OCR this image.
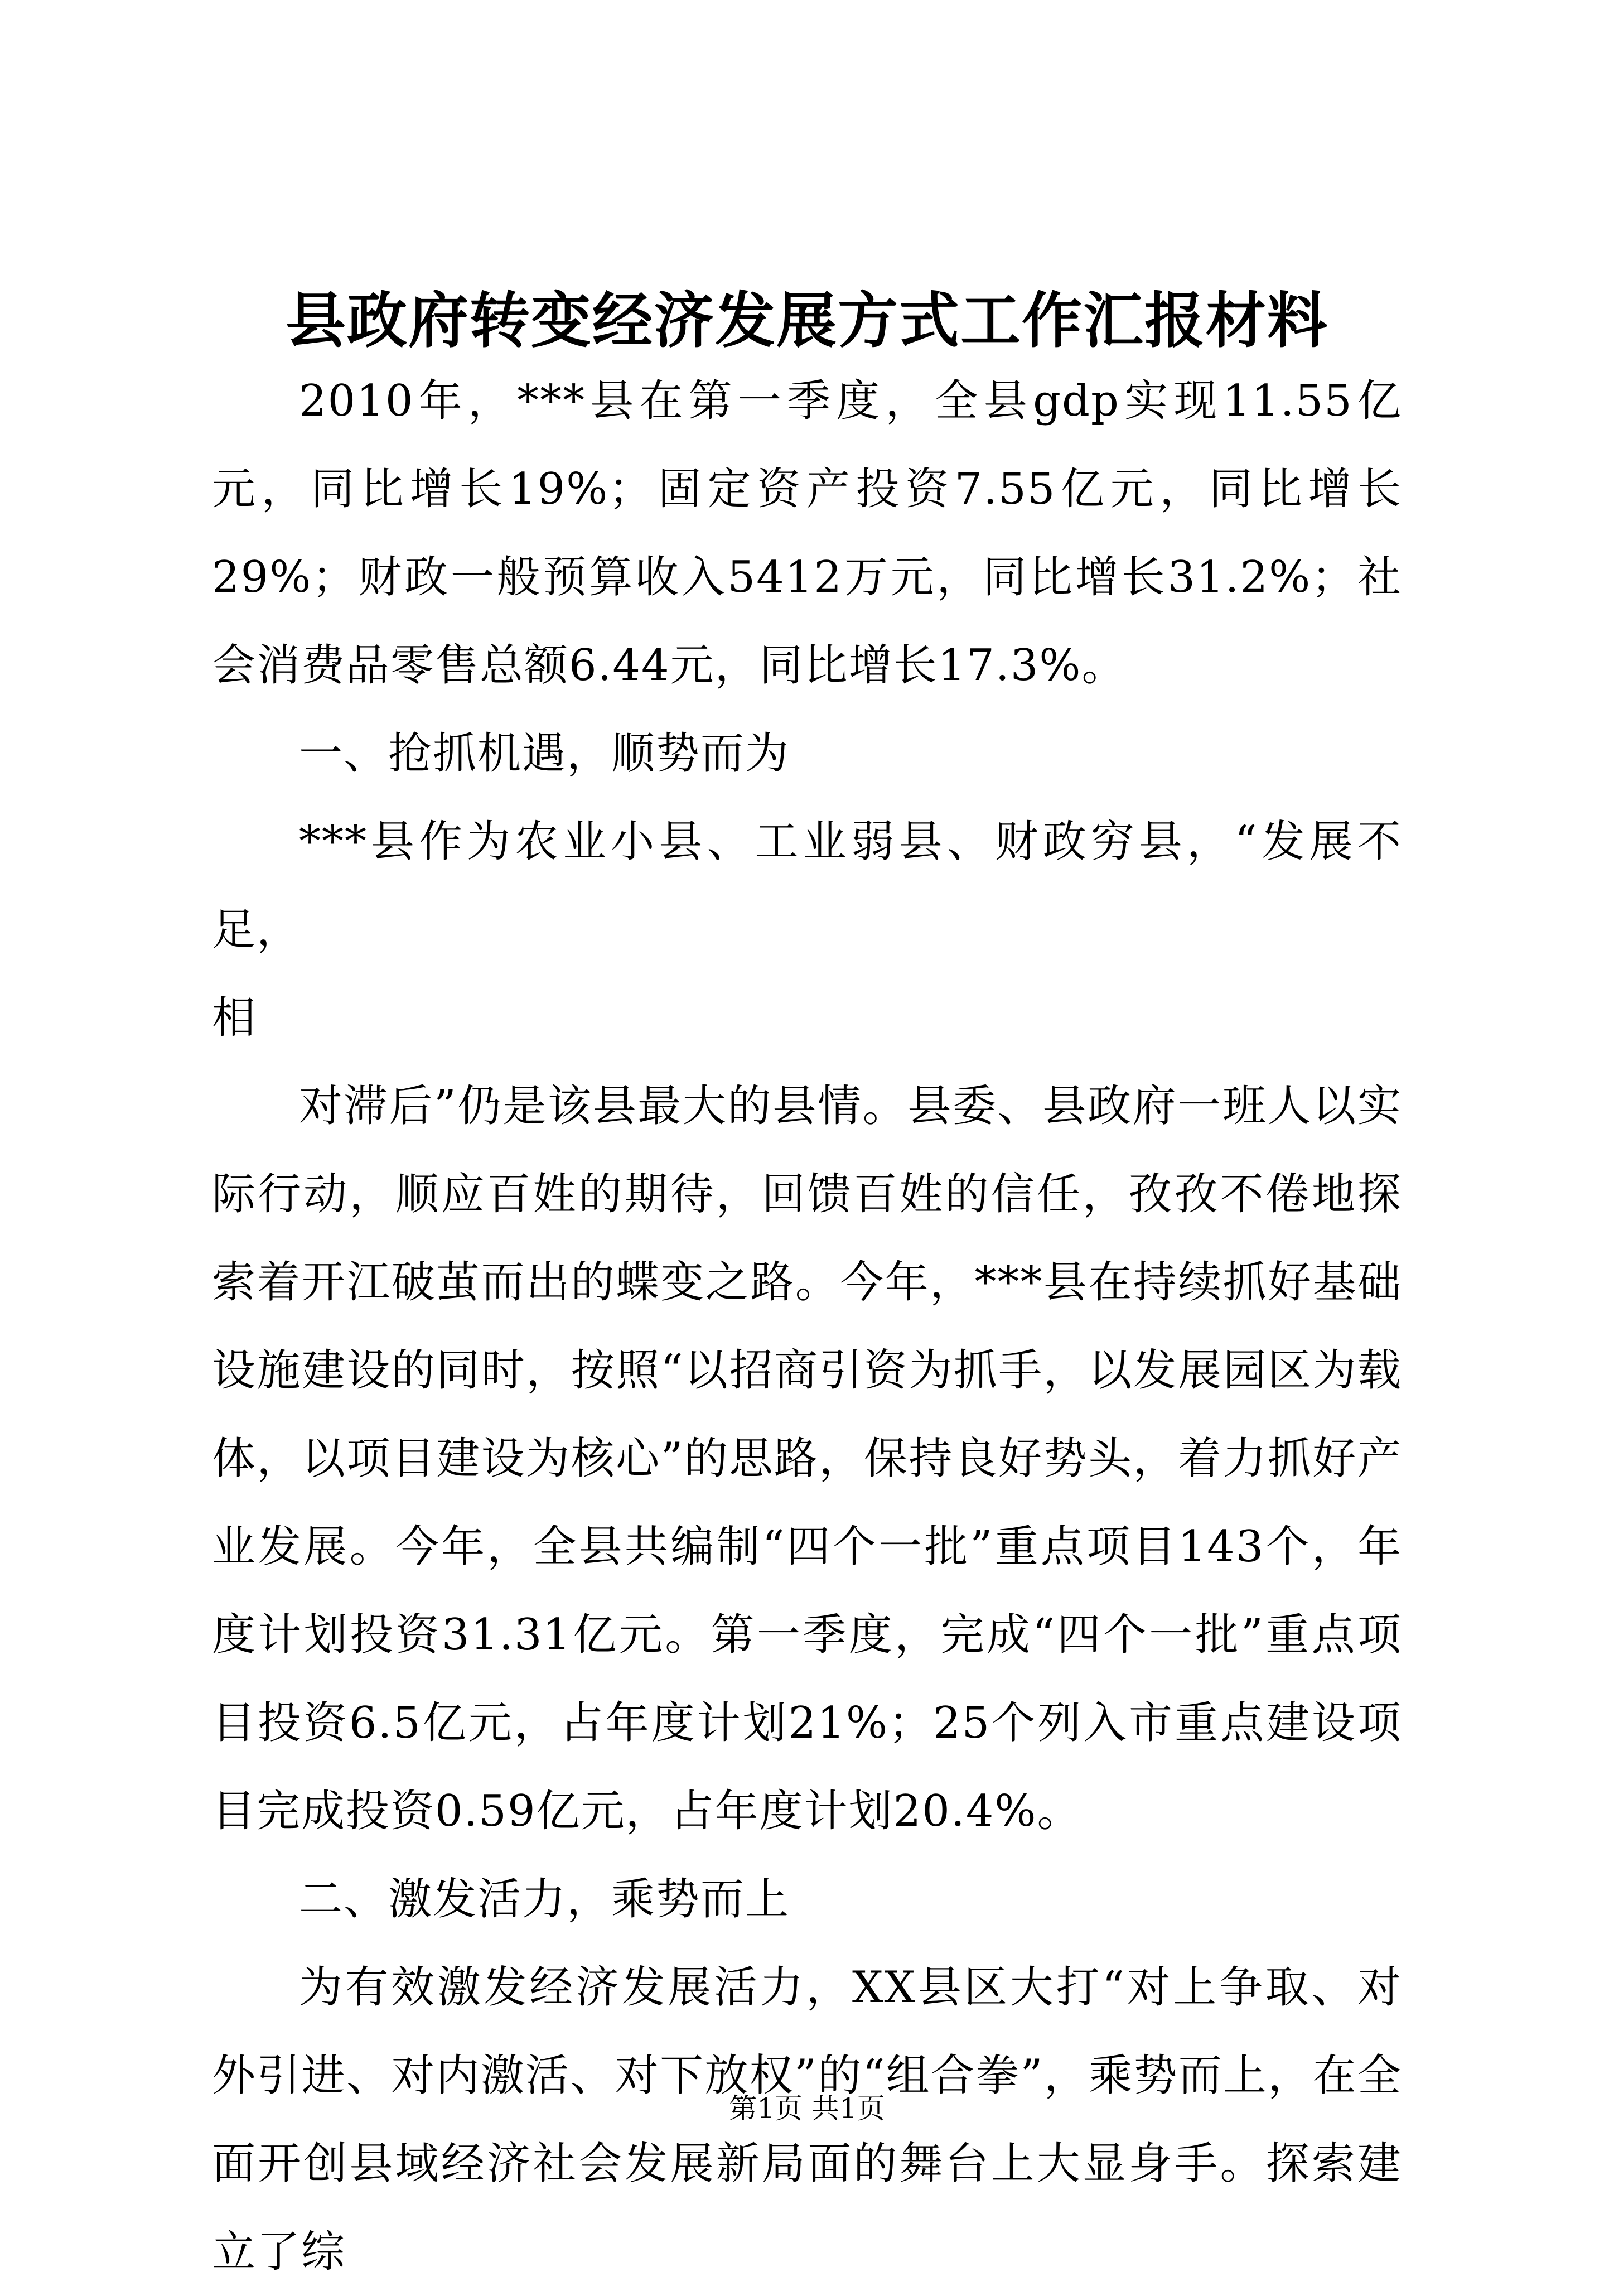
县政府转变经济发展方式工作汇报材料

2010年，***县在第一季度，全县gdp实现11.55亿元，同比增长19%；固定资产投资7.55亿元，同比增长29%；财政一般预算收入5412万元，同比增长31.2%；社会消费品零售总额6.44元，同比增长17.3%。

一、抢抓机遇，顺势而为

***县作为农业小县、工业弱县、财政穷县，“发展不足，

相

对滞后”仍是该县最大的县情。县委、县政府一班人以实际行动，顺应百姓的期待，回馈百姓的信任，孜孜不倦地探索着开江破茧而出的蝶变之路。今年，***县在持续抓好基础设施建设的同时，按照“以招商引资为抓手，以发展园区为载体，以项目建设为核心”的思路，保持良好势头，着力抓好产业发展。今年，全县共编制“四个一批”重点项目143个，年度计划投资31.31亿元。第一季度，完成“四个一批”重点项目投资6.5亿元，占年度计划21%；25个列入市重点建设项目完成投资0.59亿元，占年度计划20.4%。

二、激发活力，乘势而上

为有效激发经济发展活力，XX县区大打“对上争取、对外引进、对内激活、对下放权”的“组合拳”，乘势而上，在全面开创县域经济社会发展新局面的舞台上大显身手。探索建立了综

第1页 共1页
